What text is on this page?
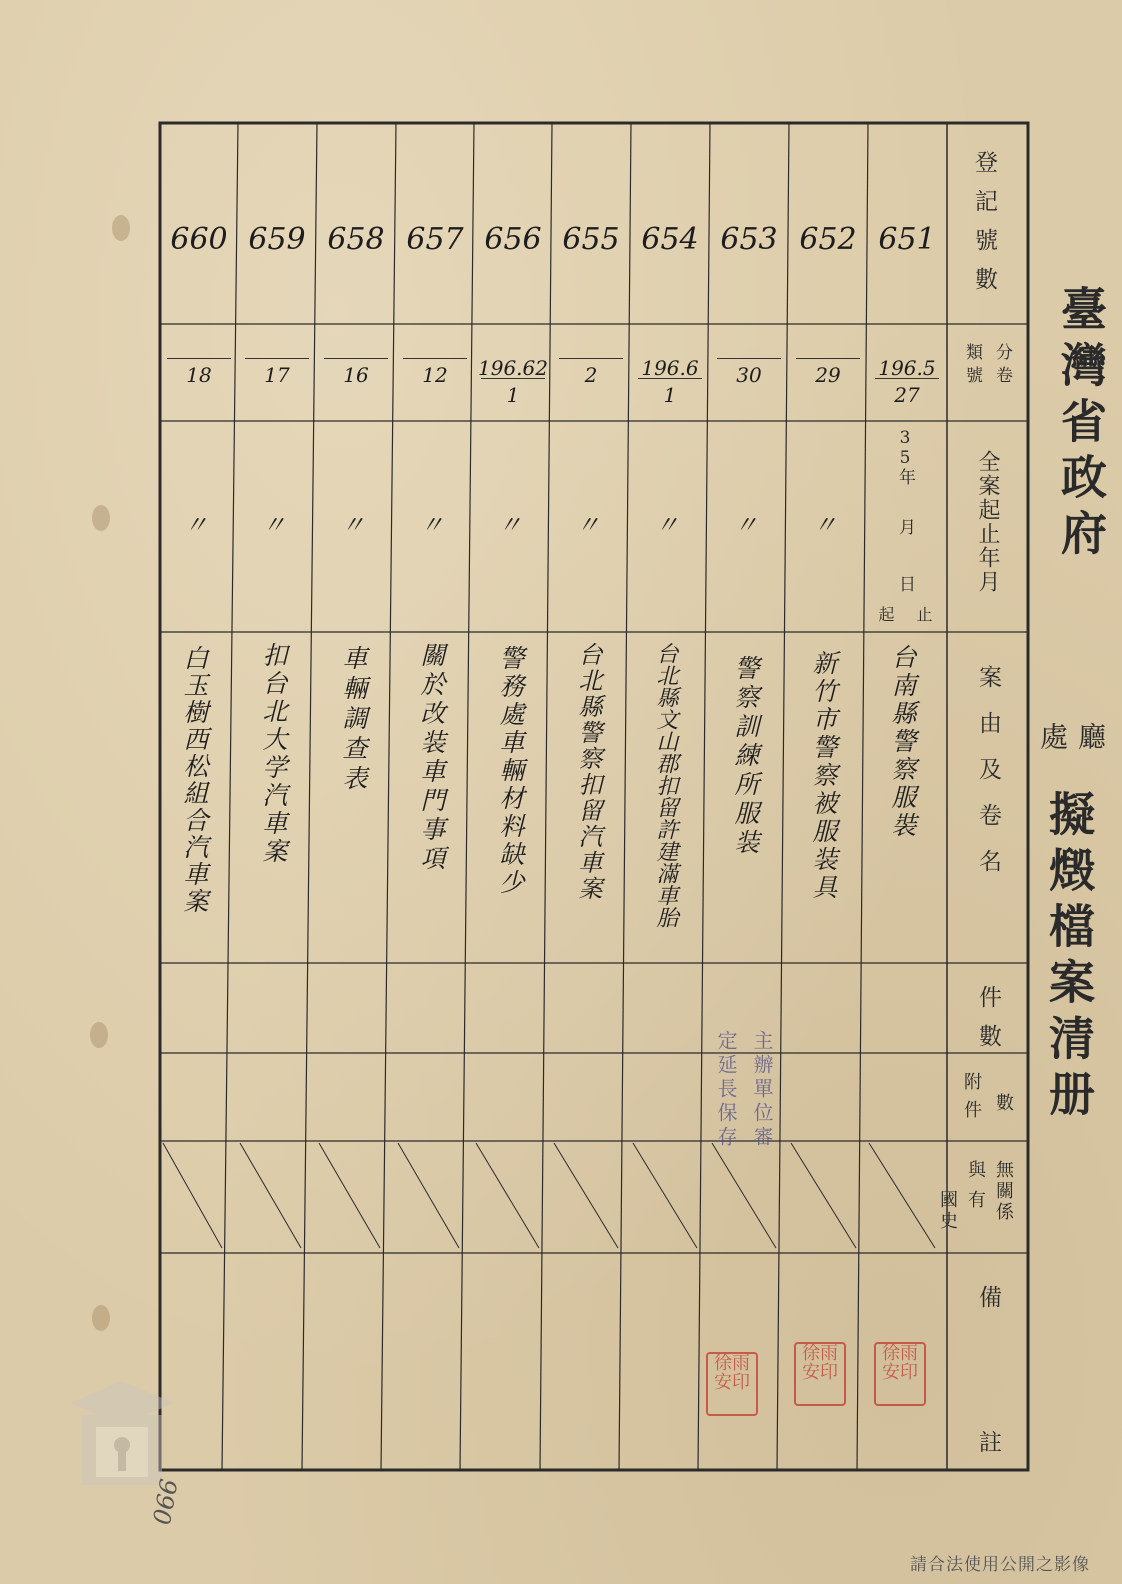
臺灣省政府
廳
處
擬燬檔案清册
登記號數
分卷
類號
全案起止年月
案由及卷名
件數
數
附件
無關係
與有
國史
備
註
35年
月
日
起 止
651
196.5
27
台南縣警察服裝
652
29
〃
新竹市警察被服装具
653
30
〃
警察訓練所服装
654
196.6
1
〃
台北縣文山郡扣留許建滿車胎
655
2
〃
台北縣警察扣留汽車案
656
196.62
1
〃
警務處車輛材料缺少
657
12
〃
關於改装車門事項
658
16
〃
車輛調查表
659
17
〃
扣台北大学汽車案
660
18
〃
白玉樹西松組合汽車案
主辦單位審
定延長保存
徐雨安印
徐雨安印
徐雨安印
066
請合法使用公開之影像
